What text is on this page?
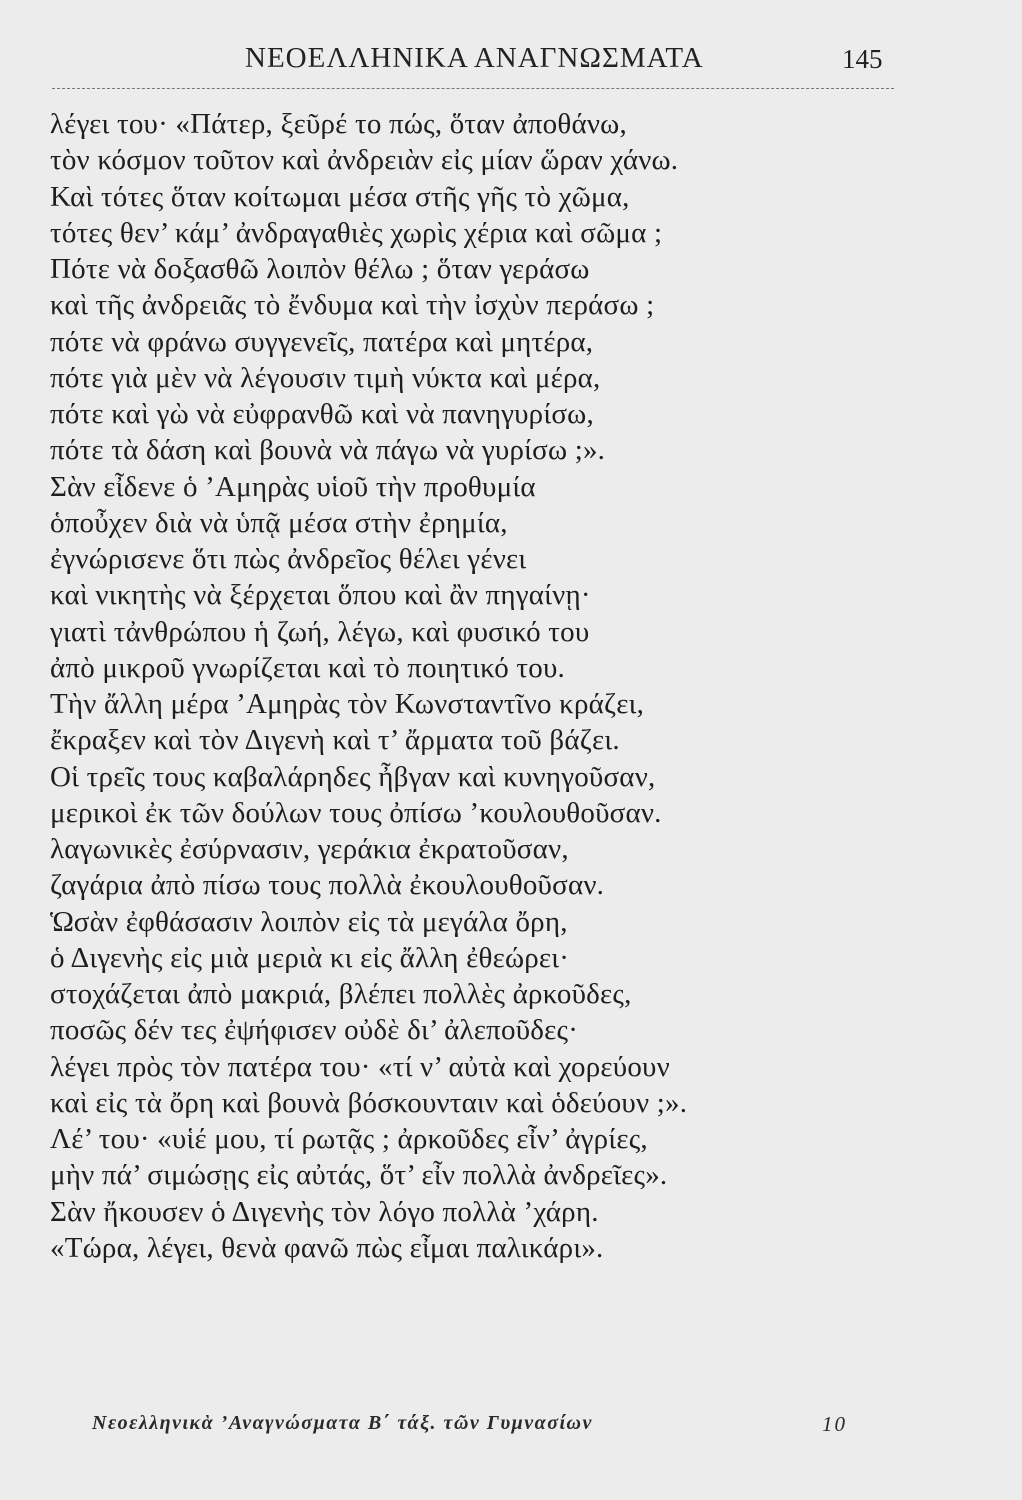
ΝΕΟΕΛΛΗΝΙΚΑ ΑΝΑΓΝΩΣΜΑΤΑ	145
λέγει του· «Πάτερ, ξεῦρέ το πώς, ὅταν ἀποθάνω,
τὸν κόσμον τοῦτον καὶ ἀνδρειὰν εἰς μίαν ὥραν χάνω.
Καὶ τότες ὅταν κοίτωμαι μέσα στῆς γῆς τὸ χῶμα,
τότες θεν’ κάμ’ ἀνδραγαθιὲς χωρὶς χέρια καὶ σῶμα ;
Πότε νὰ δοξασθῶ λοιπὸν θέλω ; ὅταν γεράσω
καὶ τῆς ἀνδρειᾶς τὸ ἔνδυμα καὶ τὴν ἰσχὺν περάσω ;
πότε νὰ φράνω συγγενεῖς, πατέρα καὶ μητέρα,
πότε γιὰ μὲν νὰ λέγουσιν τιμὴ νύκτα καὶ μέρα,
πότε καὶ γὼ νὰ εὐφρανθῶ καὶ νὰ πανηγυρίσω,
πότε τὰ δάση καὶ βουνὰ νὰ πάγω νὰ γυρίσω ;».
Σὰν εἶδενε ὁ ’Αμηρὰς υἱοῦ τὴν προθυμία
ὁποὖχεν διὰ νὰ ὑπᾷ μέσα στὴν ἐρημία,
ἐγνώρισενε ὅτι πὼς ἀνδρεῖος θέλει γένει
καὶ νικητὴς νὰ ξέρχεται ὅπου καὶ ἂν πηγαίνῃ·
γιατὶ τἀνθρώπου ἡ ζωή, λέγω, καὶ φυσικό του
ἀπὸ μικροῦ γνωρίζεται καὶ τὸ ποιητικό του.
Τὴν ἄλλη μέρα ’Αμηρὰς τὸν Κωνσταντῖνο κράζει,
ἔκραξεν καὶ τὸν Διγενὴ καὶ τ’ ἄρματα τοῦ βάζει.
Οἱ τρεῖς τους καβαλάρηδες ἦβγαν καὶ κυνηγοῦσαν,
μερικοὶ ἐκ τῶν δούλων τους ὀπίσω ’κουλουθοῦσαν.
λαγωνικὲς ἐσύρνασιν, γεράκια ἐκρατοῦσαν,
ζαγάρια ἀπὸ πίσω τους πολλὰ ἐκουλουθοῦσαν.
Ὡσὰν ἐφθάσασιν λοιπὸν εἰς τὰ μεγάλα ὄρη,
ὁ Διγενὴς εἰς μιὰ μεριὰ κι εἰς ἄλλη ἐθεώρει·
στοχάζεται ἀπὸ μακριά, βλέπει πολλὲς ἀρκοῦδες,
ποσῶς δέν τες ἐψήφισεν οὐδὲ δι’ ἀλεποῦδες·
λέγει πρὸς τὸν πατέρα του· «τί ν’ αὐτὰ καὶ χορεύουν
καὶ εἰς τὰ ὄρη καὶ βουνὰ βόσκουνταιν καὶ ὁδεύουν ;».
Λέ’ του· «υἱέ μου, τί ρωτᾷς ; ἀρκοῦδες εἶν’ ἀγρίες,
μὴν πά’ σιμώσῃς εἰς αὐτάς, ὅτ’ εἶν πολλὰ ἀνδρεῖες».
Σὰν ἤκουσεν ὁ Διγενὴς τὸν λόγο πολλὰ ’χάρη.
«Τώρα, λέγει, θενὰ φανῶ πὼς εἶμαι παλικάρι».
Νεοελληνικὰ ’Αναγνώσματα Β΄ τάξ. τῶν Γυμνασίων	10
